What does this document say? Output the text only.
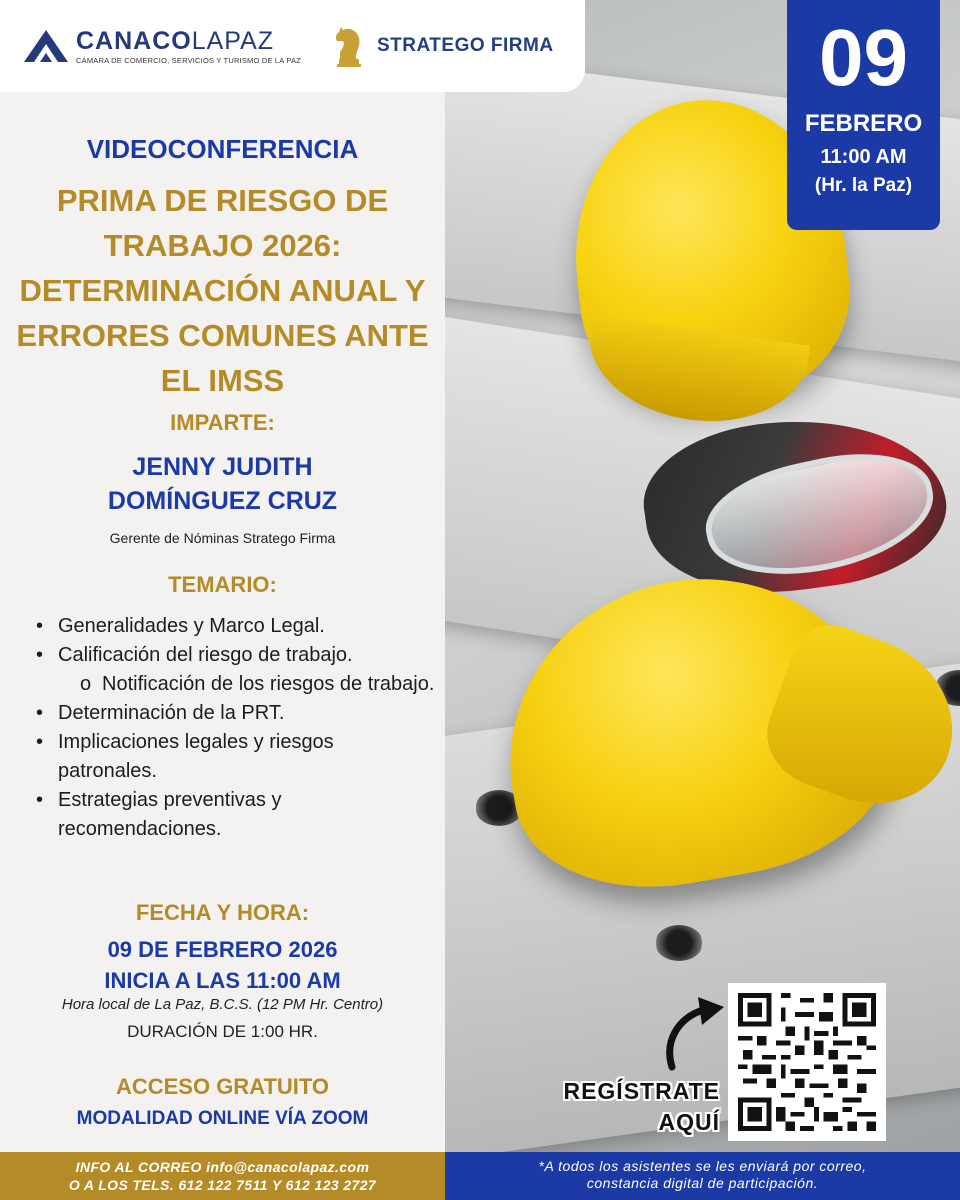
CANACOLAPAZ
CÁMARA DE COMERCIO, SERVICIOS Y TURISMO DE LA PAZ
STRATEGO FIRMA
VIDEOCONFERENCIA
PRIMA DE RIESGO DE TRABAJO 2026: DETERMINACIÓN ANUAL Y ERRORES COMUNES ANTE EL IMSS
IMPARTE:
JENNY JUDITH
DOMÍNGUEZ CRUZ
Gerente de Nóminas Stratego Firma
TEMARIO:
• Generalidades y Marco Legal.
• Calificación del riesgo de trabajo.
o Notificación de los riesgos de trabajo.
• Determinación de la PRT.
• Implicaciones legales y riesgos patronales.
• Estrategias preventivas y recomendaciones.
FECHA Y HORA:
09 DE FEBRERO 2026
INICIA A LAS 11:00 AM
Hora local de La Paz, B.C.S. (12 PM Hr. Centro)
DURACIÓN DE 1:00 HR.
ACCESO GRATUITO
MODALIDAD ONLINE VÍA ZOOM
09
FEBRERO
11:00 AM
(Hr. la Paz)
REGÍSTRATE
AQUÍ
INFO AL CORREO info@canacolapaz.com
O A LOS TELS. 612 122 7511 Y 612 123 2727
*A todos los asistentes se les enviará por correo,
constancia digital de participación.
